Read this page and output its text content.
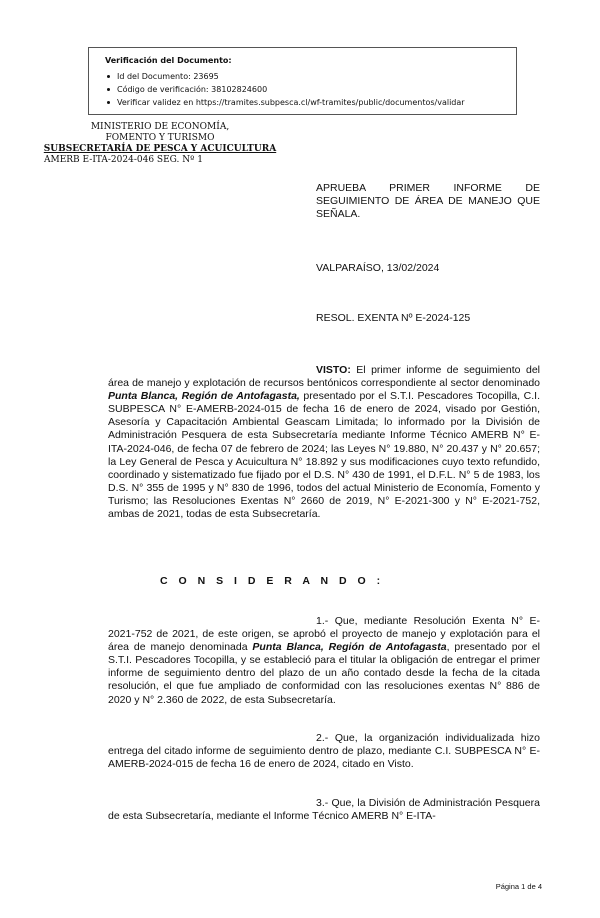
Verificación del Documento:
Id del Documento: 23695
Código de verificación: 38102824600
Verificar validez en https://tramites.subpesca.cl/wf-tramites/public/documentos/validar
MINISTERIO DE ECONOMÍA,
FOMENTO Y TURISMO
SUBSECRETARÍA DE PESCA Y ACUICULTURA
AMERB E-ITA-2024-046 SEG. Nº 1
APRUEBA PRIMER INFORME DE SEGUIMIENTO DE ÁREA DE MANEJO QUE SEÑALA.
VALPARAÍSO, 13/02/2024
RESOL. EXENTA Nº E-2024-125
VISTO: El primer informe de seguimiento del área de manejo y explotación de recursos bentónicos correspondiente al sector denominado Punta Blanca, Región de Antofagasta, presentado por el S.T.I. Pescadores Tocopilla, C.I. SUBPESCA N° E-AMERB-2024-015 de fecha 16 de enero de 2024, visado por Gestión, Asesoría y Capacitación Ambiental Geascam Limitada; lo informado por la División de Administración Pesquera de esta Subsecretaría mediante Informe Técnico AMERB N° E-ITA-2024-046, de fecha 07 de febrero de 2024; las Leyes N° 19.880, N° 20.437 y N° 20.657; la Ley General de Pesca y Acuicultura N° 18.892 y sus modificaciones cuyo texto refundido, coordinado y sistematizado fue fijado por el D.S. N° 430 de 1991, el D.F.L. N° 5 de 1983, los D.S. N° 355 de 1995 y N° 830 de 1996, todos del actual Ministerio de Economía, Fomento y Turismo; las Resoluciones Exentas N° 2660 de 2019, N° E-2021-300 y N° E-2021-752, ambas de 2021, todas de esta Subsecretaría.
C O N S I D E R A N D O :
1.- Que, mediante Resolución Exenta N° E-2021-752 de 2021, de este origen, se aprobó el proyecto de manejo y explotación para el área de manejo denominada Punta Blanca, Región de Antofagasta, presentado por el S.T.I. Pescadores Tocopilla, y se estableció para el titular la obligación de entregar el primer informe de seguimiento dentro del plazo de un año contado desde la fecha de la citada resolución, el que fue ampliado de conformidad con las resoluciones exentas N° 886 de 2020 y N° 2.360 de 2022, de esta Subsecretaría.
2.- Que, la organización individualizada hizo entrega del citado informe de seguimiento dentro de plazo, mediante C.I. SUBPESCA N° E-AMERB-2024-015 de fecha 16 de enero de 2024, citado en Visto.
3.- Que, la División de Administración Pesquera de esta Subsecretaría, mediante el Informe Técnico AMERB N° E-ITA-
Página 1 de 4
